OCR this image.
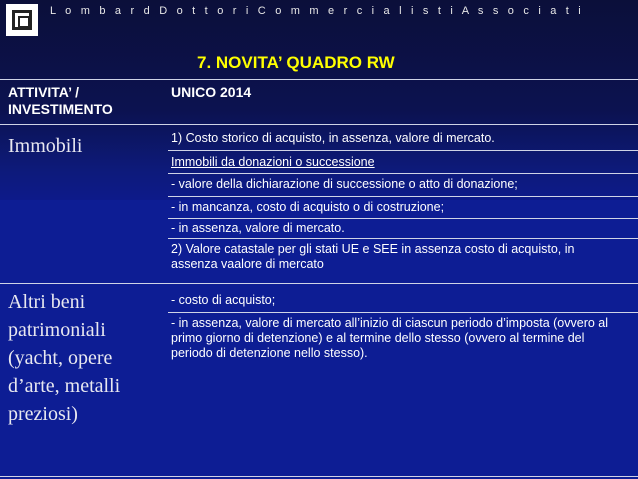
L o m b a r d D o t t o r i C o m m e r c i a l i s t i A s s o c i a t i
7. NOVITA’ QUADRO RW
ATTIVITA’ /
INVESTIMENTO
UNICO 2014
Immobili	1) Costo storico di acquisto, in assenza, valore di mercato.
Immobili da donazioni o successione
- valore della dichiarazione di successione o atto di donazione;
- in mancanza, costo di acquisto o di costruzione;
- in assenza, valore di mercato.
2) Valore catastale per gli stati UE e SEE in assenza costo di acquisto, in assenza vaalore di mercato
Altri beni
patrimoniali
(yacht, opere
d’arte, metalli
preziosi)
- costo di acquisto;
- in assenza, valore di mercato all’inizio di ciascun periodo d’imposta (ovvero al primo giorno di detenzione) e al termine dello stesso (ovvero al termine del periodo di detenzione nello stesso).
